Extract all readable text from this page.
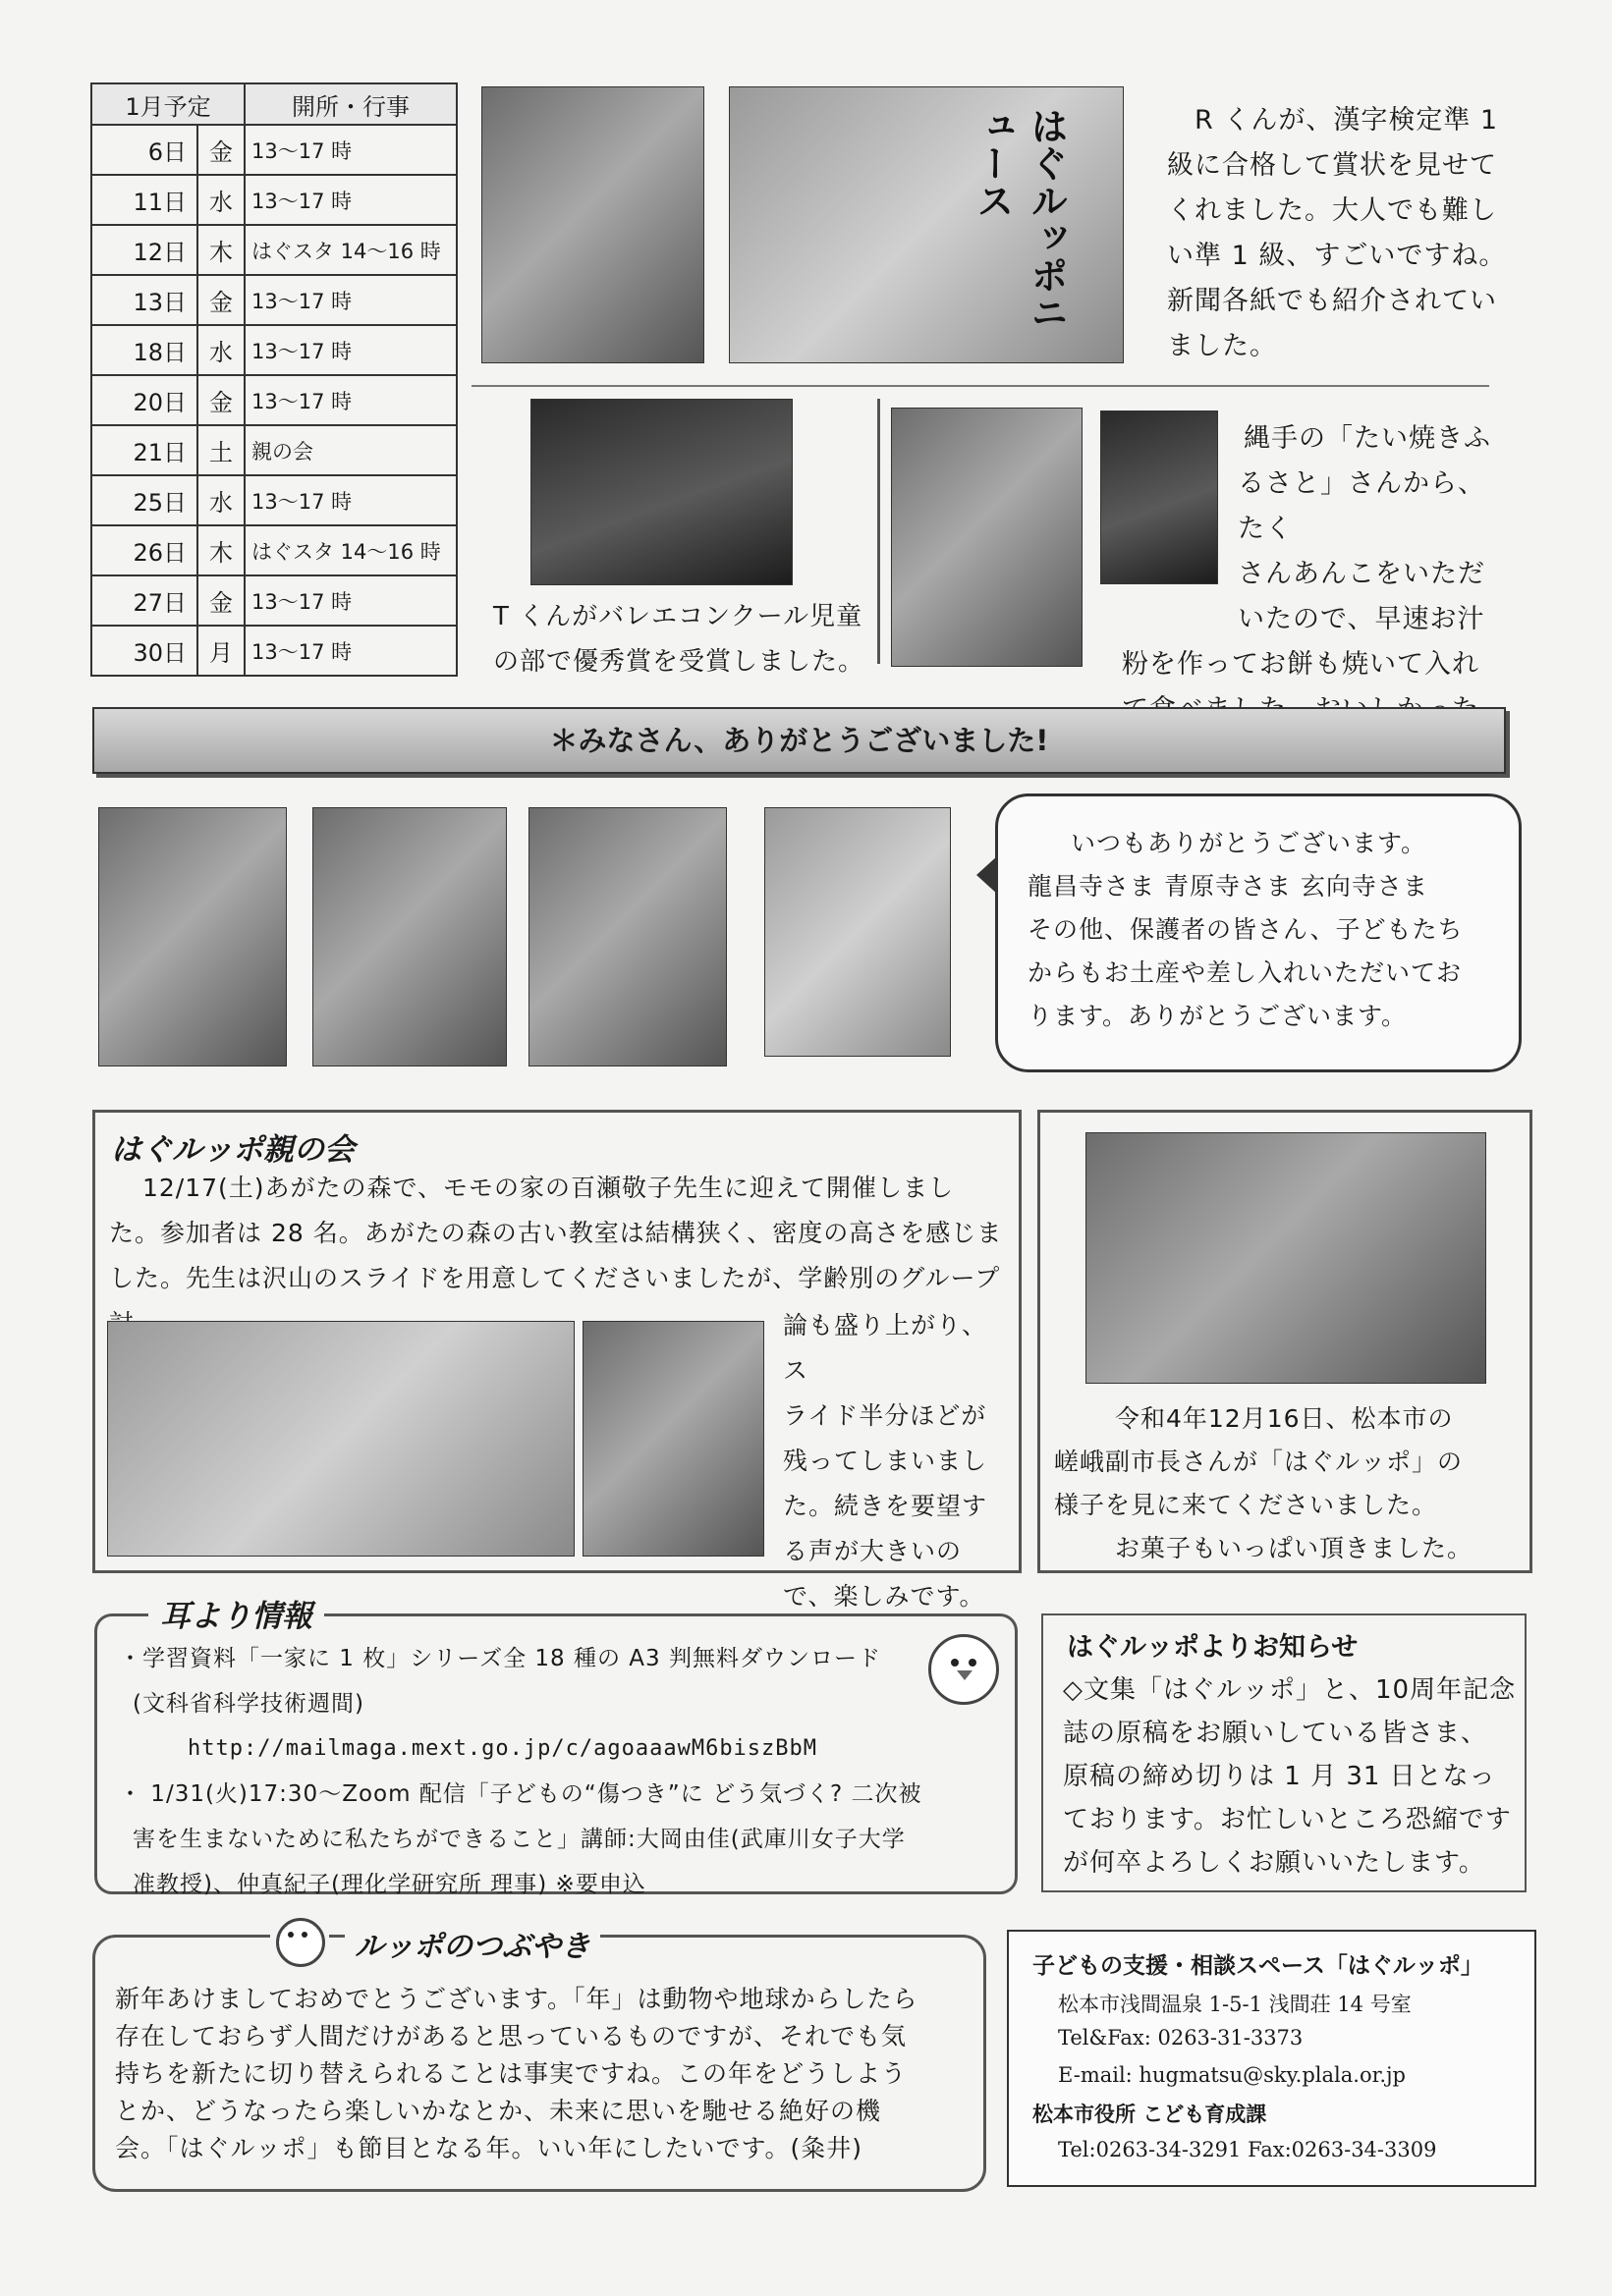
1月予定		開所・行事
6日	金	13～17 時
11日	水	13～17 時
12日	木	はぐスタ 14～16 時
13日	金	13～17 時
18日	水	13～17 時
20日	金	13～17 時
21日	土	親の会
25日	水	13～17 時
26日	木	はぐスタ 14～16 時
27日	金	13～17 時
30日	月	13～17 時
はぐルッポニュース	R くんが、漢字検定準 1
級に合格して賞状を見せて
くれました。大人でも難し
い準 1 級、すごいですね。
新聞各紙でも紹介されてい
ました。
T くんがバレエコンクール児童
の部で優秀賞を受賞しました。
縄手の「たい焼きふ
るさと」さんから、たく
さんあんこをいただ
いたので、早速お汁
粉を作ってお餅も焼いて入れ
＊みなさん、ありがとうございました!
いつもありがとうございます。
龍昌寺さま 青原寺さま 玄向寺さま
その他、保護者の皆さん、子どもたち
からもお土産や差し入れいただいてお
ります。ありがとうございます。
はぐルッポ親の会
12/17(土)あがたの森で、モモの家の百瀬敬子先生に迎えて開催しまし
た。参加者は 28 名。あがたの森の古い教室は結構狭く、密度の高さを感じま
した。先生は沢山のスライドを用意してくださいましたが、学齢別のグループ
論も盛り上がり、ス
ライド半分ほどが
残ってしまいまし
た。続きを要望す
る声が大きいの
で、楽しみです。
令和4年12月16日、松本市の
嵯峨副市長さんが「はぐルッポ」の
様子を見に来てくださいました。
お菓子もいっぱい頂きました。
耳より情報
・学習資料「一家に 1 枚」シリーズ全 18 種の A3 判無料ダウンロード
(文科省科学技術週間)
http://mailmaga.mext.go.jp/c/agoaaawM6biszBbM
・ 1/31(火)17:30～Zoom 配信「子どもの“傷つき”に どう気づく? 二次被
害を生まないために私たちができること」講師:大岡由佳(武庫川女子大学
准教授)、仲真紀子(理化学研究所 理事) ※要申込
はぐルッポよりお知らせ
◇文集「はぐルッポ」と、10周年記念
誌の原稿をお願いしている皆さま、
原稿の締め切りは 1 月 31 日となっ
ております。お忙しいところ恐縮です
が何卒よろしくお願いいたします。
ルッポのつぶやき
新年あけましておめでとうございます。「年」は動物や地球からしたら
存在しておらず人間だけがあると思っているものですが、それでも気
持ちを新たに切り替えられることは事実ですね。この年をどうしよう
とか、どうなったら楽しいかなとか、未来に思いを馳せる絶好の機
会。「はぐルッポ」も節目となる年。いい年にしたいです。(粂井)
子どもの支援・相談スペース「はぐルッポ」
松本市浅間温泉 1-5-1 浅間荘 14 号室
Tel&Fax: 0263-31-3373
E-mail: hugmatsu@sky.plala.or.jp
松本市役所 こども育成課
Tel:0263-34-3291 Fax:0263-34-3309
